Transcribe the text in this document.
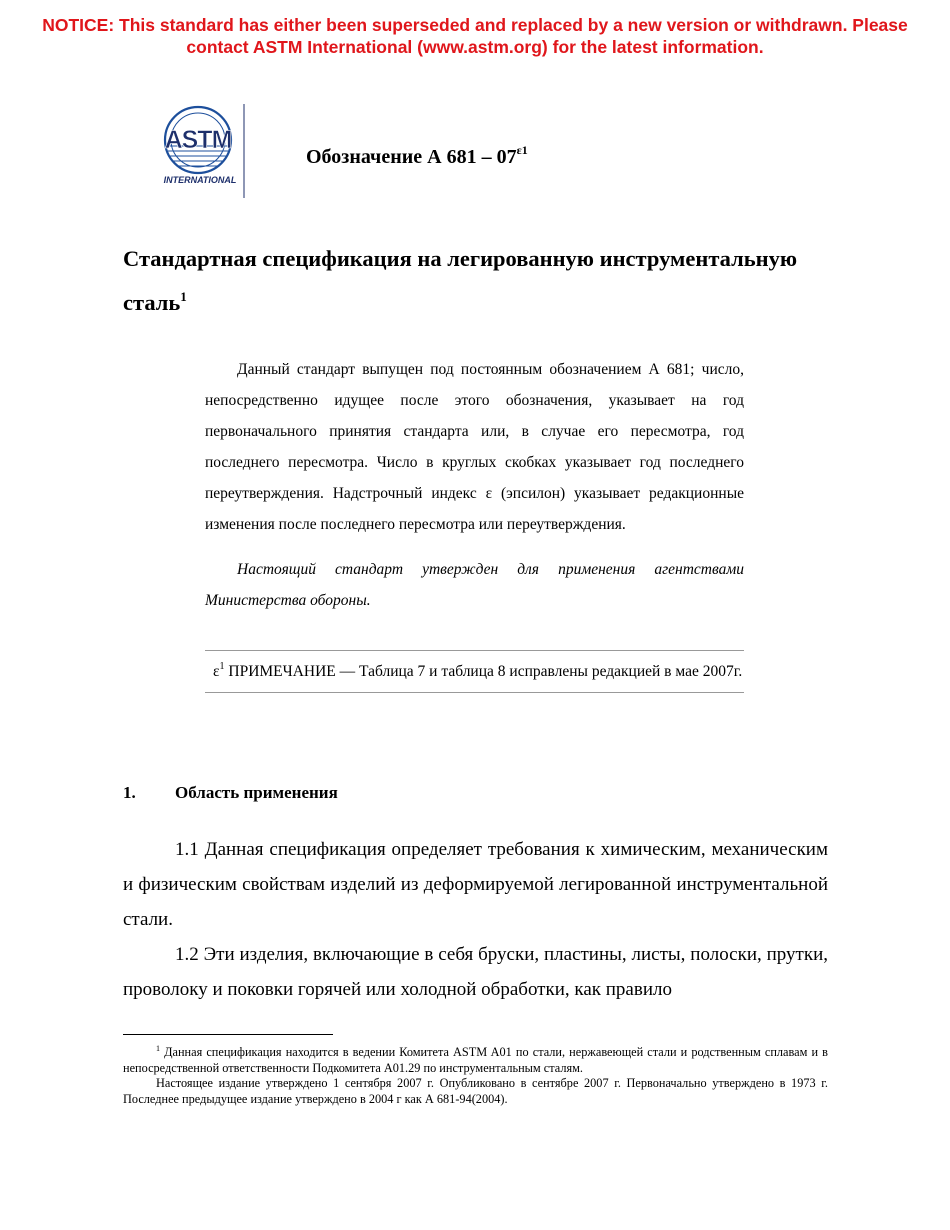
NOTICE: This standard has either been superseded and replaced by a new version or withdrawn. Please
contact ASTM International (www.astm.org) for the latest information.
ASTM
INTERNATIONAL
Обозначение А $681 - 07^{\varepsilon 1}$
Стандартная спецификация на легированную инструментальную сталь$^1$

Данный стандарт выпущен под постоянным обозначением А 681; число, непосредственно идущее после этого обозначения, указывает на год первоначального принятия стандарта или, в случае его пересмотра, год последнего пересмотра. Число в круглых скобках указывает год последнего переутверждения. Надстрочный индекс ε (эпсилон) указывает редакционные изменения после последнего пересмотра или переутверждения.

Настоящий стандарт утвержден для применения агентствами Министерства обороны.

$\varepsilon^1$ ПРИМЕЧАНИЕ — Таблица 7 и таблица 8 исправлены редакцией в мае 2007г.
1. Область применения

1.1 Данная спецификация определяет требования к химическим, механическим и физическим свойствам изделий из деформируемой легированной инструментальной стали.

1.2 Эти изделия, включающие в себя бруски, пластины, листы, полоски, прутки, проволоку и поковки горячей или холодной обработки, как правило

$^1$ Данная спецификация находится в ведении Комитета ASTM A01 по стали, нержавеющей стали и родственным сплавам и в непосредственной ответственности Подкомитета А01.29 по инструментальным сталям.

Настоящее издание утверждено 1 сентября 2007 г. Опубликовано в сентябре 2007 г. Первоначально утверждено в 1973 г. Последнее предыдущее издание утверждено в 2004 г как А 681-94(2004).
